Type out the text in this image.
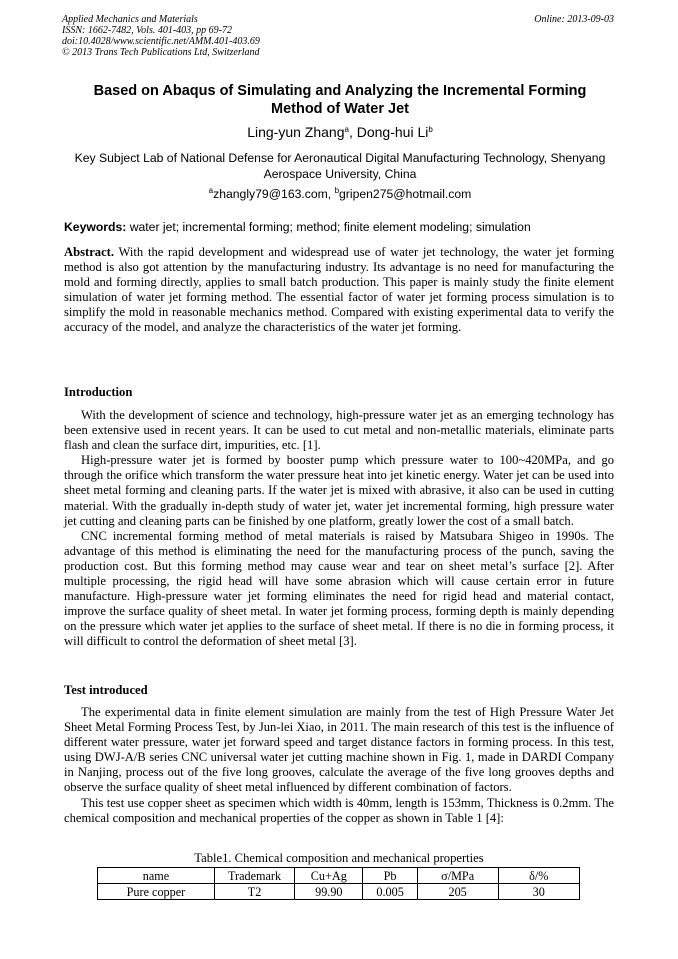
Applied Mechanics and Materials
ISSN: 1662-7482, Vols. 401-403, pp 69-72
doi:10.4028/www.scientific.net/AMM.401-403.69
© 2013 Trans Tech Publications Ltd, Switzerland
Online: 2013-09-03
Based on Abaqus of Simulating and Analyzing the Incremental Forming
Method of Water Jet
Ling-yun Zhang$^a$, Dong-hui Li$^b$
Key Subject Lab of National Defense for Aeronautical Digital Manufacturing Technology, Shenyang
Aerospace University, China
$^a$zhangly79@163.com, $^b$gripen275@hotmail.com
Keywords: water jet; incremental forming; method; finite element modeling; simulation

Abstract. With the rapid development and widespread use of water jet technology, the water jet forming method is also got attention by the manufacturing industry. Its advantage is no need for manufacturing the mold and forming directly, applies to small batch production. This paper is mainly study the finite element simulation of water jet forming method. The essential factor of water jet forming process simulation is to simplify the mold in reasonable mechanics method. Compared with existing experimental data to verify the accuracy of the model, and analyze the characteristics of the water jet forming.

Introduction

With the development of science and technology, high-pressure water jet as an emerging technology has been extensive used in recent years. It can be used to cut metal and non-metallic materials, eliminate parts flash and clean the surface dirt, impurities, etc. [1].

High-pressure water jet is formed by booster pump which pressure water to 100~420MPa, and go through the orifice which transform the water pressure heat into jet kinetic energy. Water jet can be used into sheet metal forming and cleaning parts. If the water jet is mixed with abrasive, it also can be used in cutting material. With the gradually in-depth study of water jet, water jet incremental forming, high pressure water jet cutting and cleaning parts can be finished by one platform, greatly lower the cost of a small batch.

CNC incremental forming method of metal materials is raised by Matsubara Shigeo in 1990s. The advantage of this method is eliminating the need for the manufacturing process of the punch, saving the production cost. But this forming method may cause wear and tear on sheet metal’s surface [2]. After multiple processing, the rigid head will have some abrasion which will cause certain error in future manufacture. High-pressure water jet forming eliminates the need for rigid head and material contact, improve the surface quality of sheet metal. In water jet forming process, forming depth is mainly depending on the pressure which water jet applies to the surface of sheet metal. If there is no die in forming process, it will difficult to control the deformation of sheet metal [3].

Test introduced

The experimental data in finite element simulation are mainly from the test of High Pressure Water Jet Sheet Metal Forming Process Test, by Jun-lei Xiao, in 2011. The main research of this test is the influence of different water pressure, water jet forward speed and target distance factors in forming process. In this test, using DWJ-A/B series CNC universal water jet cutting machine shown in Fig. 1, made in DARDI Company in Nanjing, process out of the five long grooves, calculate the average of the five long grooves depths and observe the surface quality of sheet metal influenced by different combination of factors.

This test use copper sheet as specimen which width is 40mm, length is 153mm, Thickness is 0.2mm. The chemical composition and mechanical properties of the copper as shown in Table 1 [4]:

Table1. Chemical composition and mechanical properties
name	Trademark	Cu+Ag	Pb	σ/MPa	δ/%
Pure copper	T2	99.90	0.005	205	30
